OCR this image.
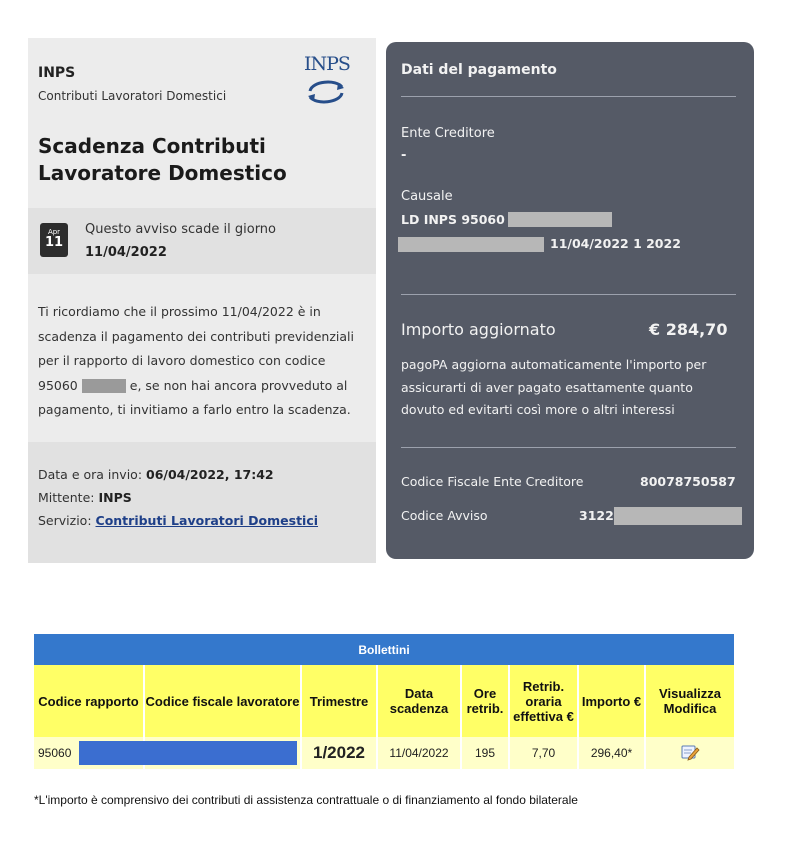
INPS
Contributi Lavoratori Domestici
INPS
Scadenza Contributi
Lavoratore Domestico
Apr
11
Questo avviso scade il giorno
11/04/2022
Ti ricordiamo che il prossimo 11/04/2022 è in
scadenza il pagamento dei contributi previdenziali
per il rapporto di lavoro domestico con codice
95060	e, se non hai ancora provveduto al
pagamento, ti invitiamo a farlo entro la scadenza.
Data e ora invio: 06/04/2022, 17:42
Mittente: INPS
Servizio: Contributi Lavoratori Domestici
Dati del pagamento
Ente Creditore
-
Causale
LD INPS 95060
11/04/2022 1 2022
Importo aggiornato	€ 284,70
pagoPA aggiorna automaticamente l'importo per
assicurarti di aver pagato esattamente quanto
dovuto ed evitarti così more o altri interessi
Codice Fiscale Ente Creditore	80078750587
Codice Avviso	3122
Bollettini							
Codice rapporto	Codice fiscale lavoratore	Trimestre	Data scadenza	Ore retrib.	Retrib. oraria effettiva €	Importo €	Visualizza Modifica
95060		1/2022	11/04/2022	195	7,70	296,40*	
*L'importo è comprensivo dei contributi di assistenza contrattuale o di finanziamento al fondo bilaterale
